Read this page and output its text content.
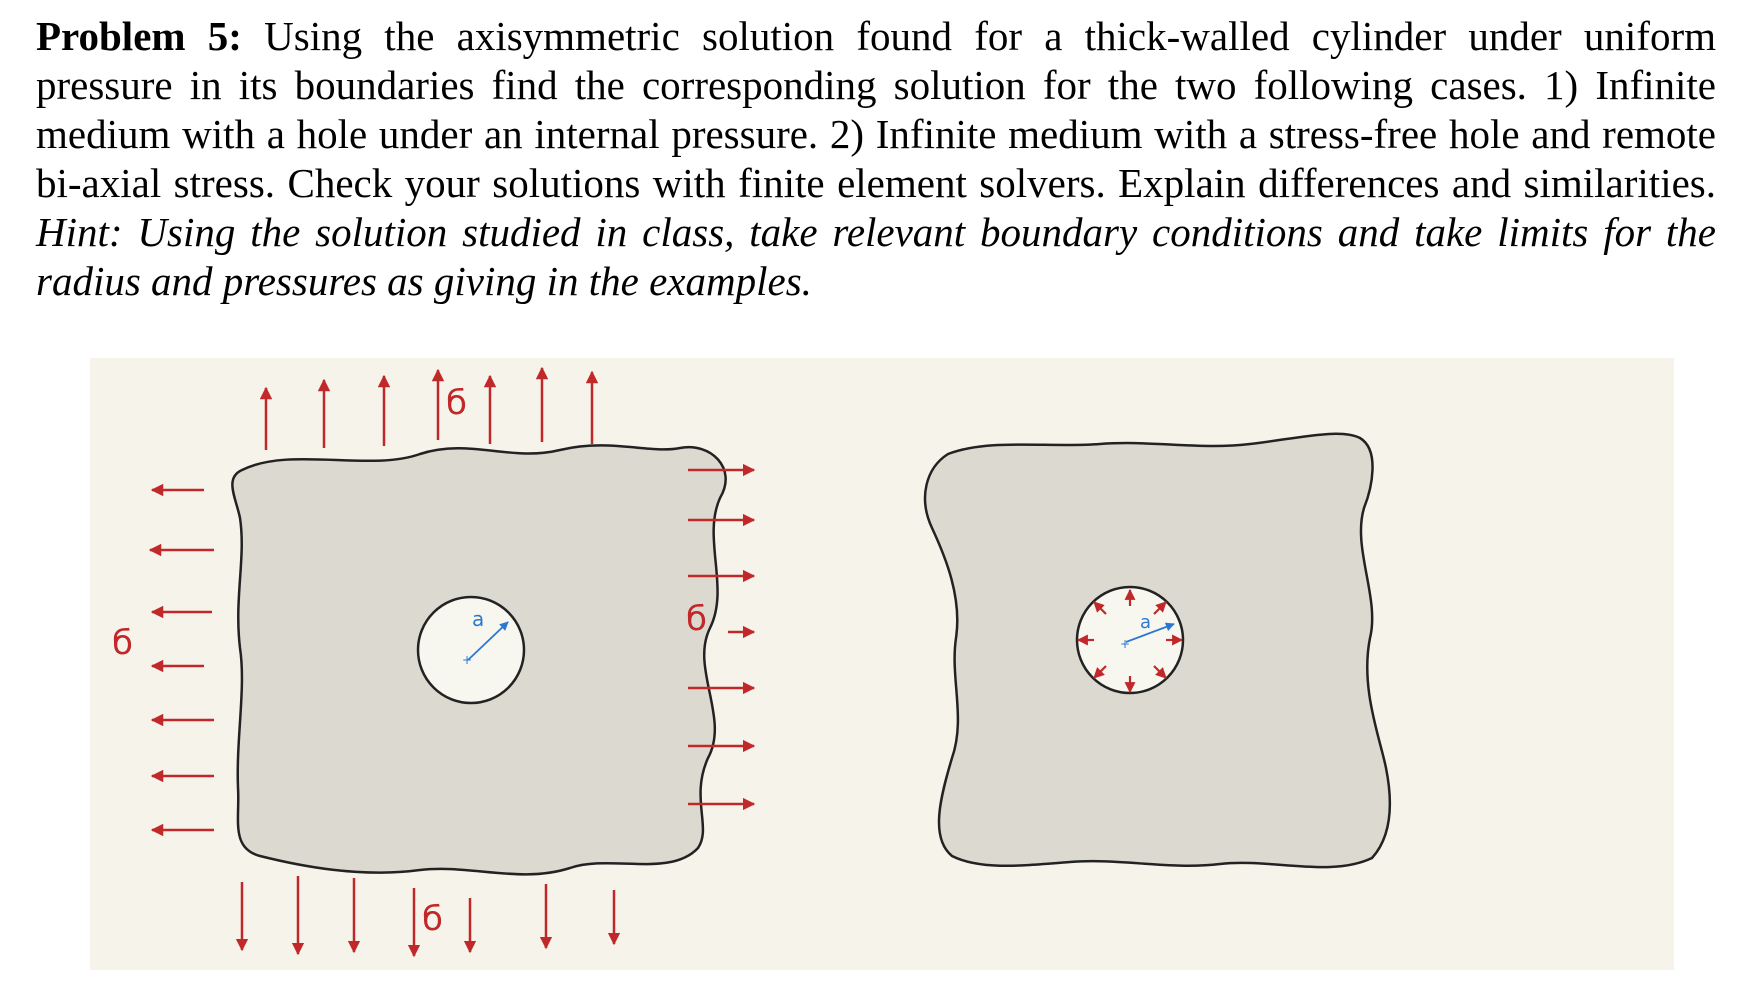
Problem 5: Using the axisymmetric solution found for a thick-walled cylinder under uniform pressure in its boundaries find the corresponding solution for the two following cases. 1) Infinite medium with a hole under an internal pressure. 2) Infinite medium with a stress-free hole and remote bi-axial stress. Check your solutions with finite element solvers. Explain differences and similarities. Hint: Using the solution studied in class, take relevant boundary conditions and take limits for the radius and pressures as giving in the examples.

+
a
б
б
б
б
+
a
